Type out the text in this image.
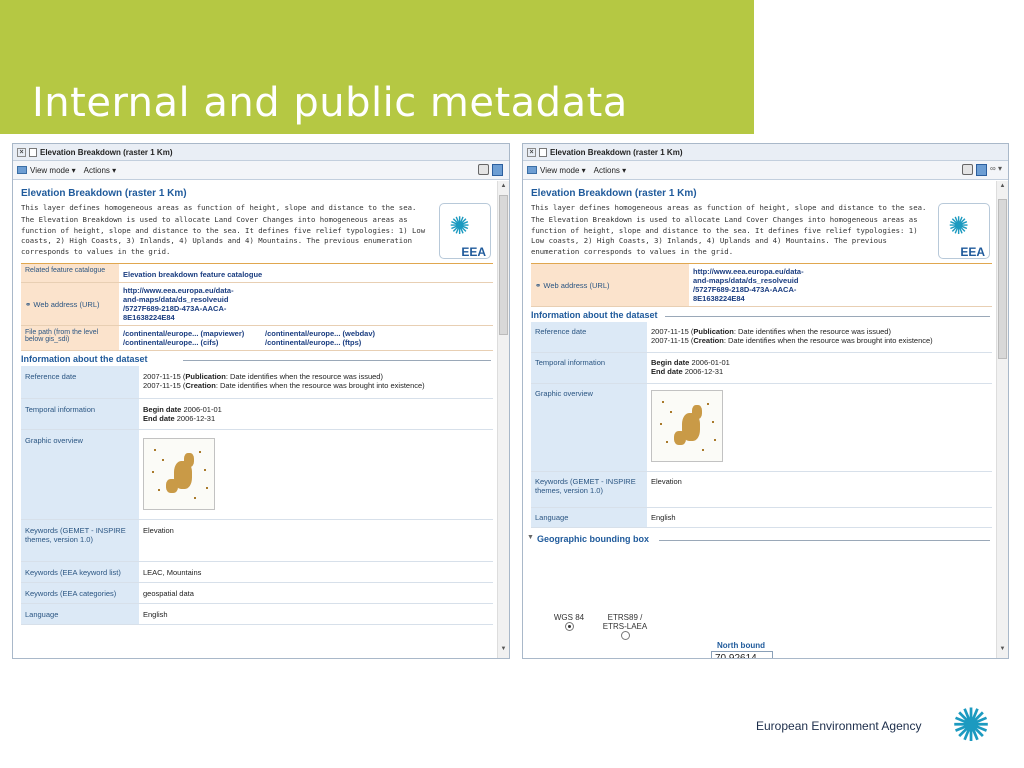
Internal and public metadata
×	Elevation Breakdown (raster 1 Km)
View mode ▾ Actions ▾
▲
▼
Elevation Breakdown (raster 1 Km)

This layer defines homogeneous areas as function of height, slope and distance to the sea.

The Elevation Breakdown is used to allocate Land Cover Changes into homogeneous areas as function of height, slope and distance to the sea. It defines five relief typologies: 1) Low coasts, 2) High Coasts, 3) Inlands, 4) Uplands and 4) Mountains. The previous enumeration corresponds to values in the grid.

✺
EEA
Related feature catalogue	Elevation breakdown feature catalogue
⚭ Web address (URL)	http://www.eea.europa.eu/data-
and-maps/data/ds_resolveuid
/5727F689-218D-473A-AACA-
8E1638224E84

File path (from the level below gis_sdi)	/continental/europe... (mapviewer) /continental/europe... (webdav)
/continental/europe... (cifs) /continental/europe... (ftps)
Information about the dataset
Reference date	2007-11-15 (Publication: Date identifies when the resource was issued)
2007-11-15 (Creation: Date identifies when the resource was brought into existence)

Temporal information	Begin date 2006-01-01
End date 2006-12-31

Graphic overview	

Keywords (GEMET - INSPIRE themes, version 1.0)	Elevation
Keywords (EEA keyword list)	LEAC, Mountains
Keywords (EEA categories)	geospatial data
Language	English
×	Elevation Breakdown (raster 1 Km)
View mode ▾ Actions ▾	∞ ▾
▲
▼
Elevation Breakdown (raster 1 Km)

This layer defines homogeneous areas as function of height, slope and distance to the sea.

The Elevation Breakdown is used to allocate Land Cover Changes into homogeneous areas as function of height, slope and distance to the sea. It defines five relief typologies: 1) Low coasts, 2) High Coasts, 3) Inlands, 4) Uplands and 4) Mountains. The previous enumeration corresponds to values in the grid.

✺
EEA
⚭ Web address (URL)	
http://www.eea.europa.eu/data-
and-maps/data/ds_resolveuid
/5727F689-218D-473A-AACA-
8E1638224E84
Information about the dataset
Reference date	2007-11-15 (Publication: Date identifies when the resource was issued)
2007-11-15 (Creation: Date identifies when the resource was brought into existence)

Temporal information	Begin date 2006-01-01
End date 2006-12-31

Graphic overview	

Keywords (GEMET - INSPIRE themes, version 1.0)	Elevation
Language	English
▼ Geographic bounding box
WGS 84	ETRS89 / ETRS-LAEA
North bound
70.92614
European Environment Agency ✺
